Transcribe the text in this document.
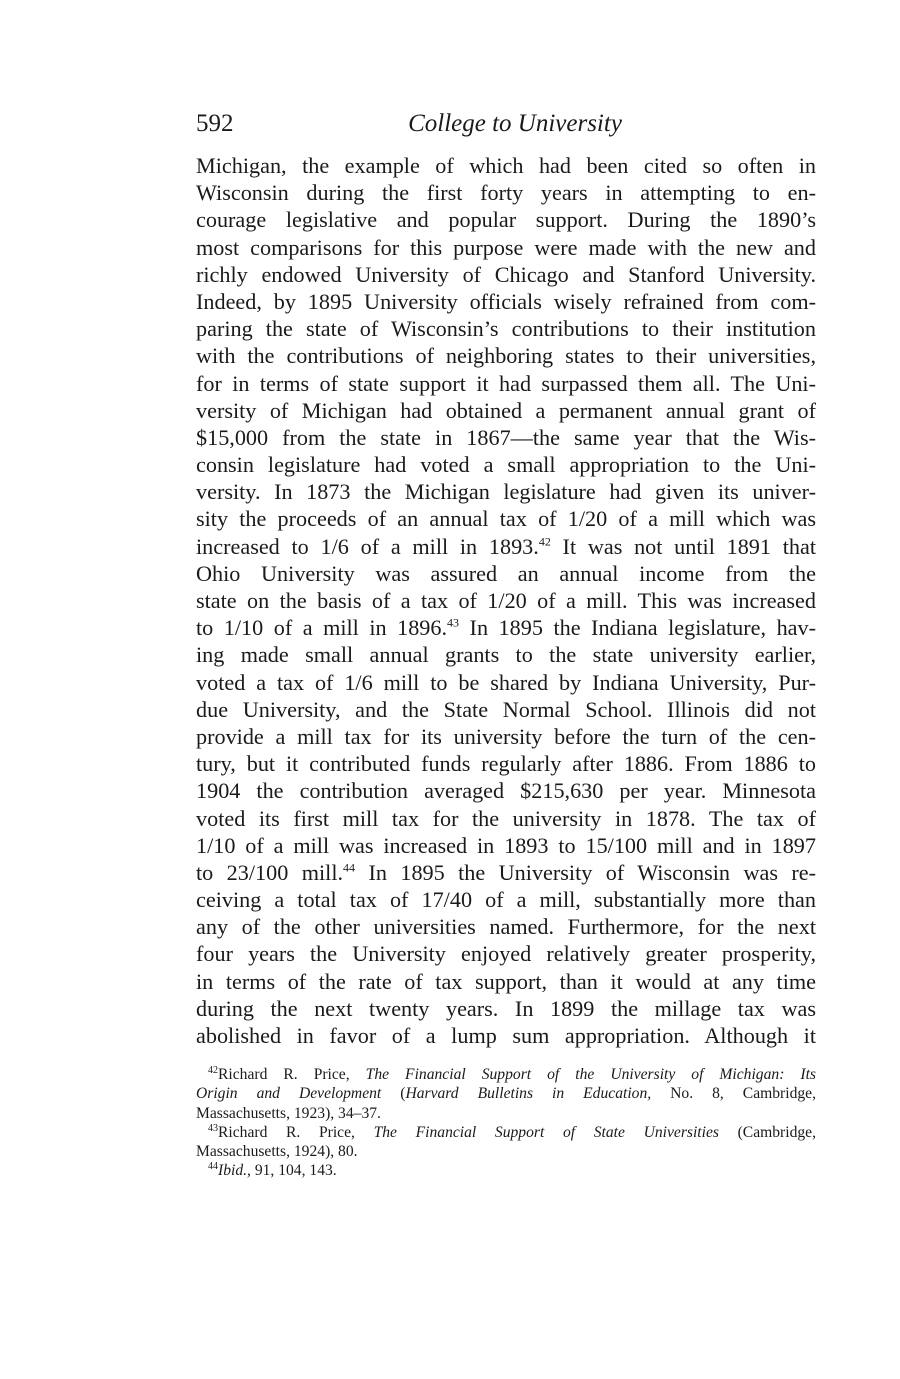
592	College to University
Michigan, the example of which had been cited so often in
Wisconsin during the first forty years in attempting to en-
courage legislative and popular support. During the 1890’s
most comparisons for this purpose were made with the new and
richly endowed University of Chicago and Stanford University.
Indeed, by 1895 University officials wisely refrained from com-
paring the state of Wisconsin’s contributions to their institution
with the contributions of neighboring states to their universities,
for in terms of state support it had surpassed them all. The Uni-
versity of Michigan had obtained a permanent annual grant of
$15,000 from the state in 1867—the same year that the Wis-
consin legislature had voted a small appropriation to the Uni-
versity. In 1873 the Michigan legislature had given its univer-
sity the proceeds of an annual tax of 1/20 of a mill which was
increased to 1/6 of a mill in 1893.42 It was not until 1891 that
Ohio University was assured an annual income from the
state on the basis of a tax of 1/20 of a mill. This was increased
to 1/10 of a mill in 1896.43 In 1895 the Indiana legislature, hav-
ing made small annual grants to the state university earlier,
voted a tax of 1/6 mill to be shared by Indiana University, Pur-
due University, and the State Normal School. Illinois did not
provide a mill tax for its university before the turn of the cen-
tury, but it contributed funds regularly after 1886. From 1886 to
1904 the contribution averaged $215,630 per year. Minnesota
voted its first mill tax for the university in 1878. The tax of
1/10 of a mill was increased in 1893 to 15/100 mill and in 1897
to 23/100 mill.$^{44}$ In 1895 the University of Wisconsin was re-
ceiving a total tax of 17/40 of a mill, substantially more than
any of the other universities named. Furthermore, for the next
four years the University enjoyed relatively greater prosperity,
in terms of the rate of tax support, than it would at any time
during the next twenty years. In 1899 the millage tax was
abolished in favor of a lump sum appropriation. Although it
$^{42}$Richard R. Price, The Financial Support of the University of Michigan: Its
Origin and Development (Harvard Bulletins in Education, No. 8, Cambridge,
Massachusetts, 1923), 34–37.
$^{43}$Richard R. Price, The Financial Support of State Universities (Cambridge,
Massachusetts, 1924), 80.
$^{44}$Ibid., 91, 104, 143.
